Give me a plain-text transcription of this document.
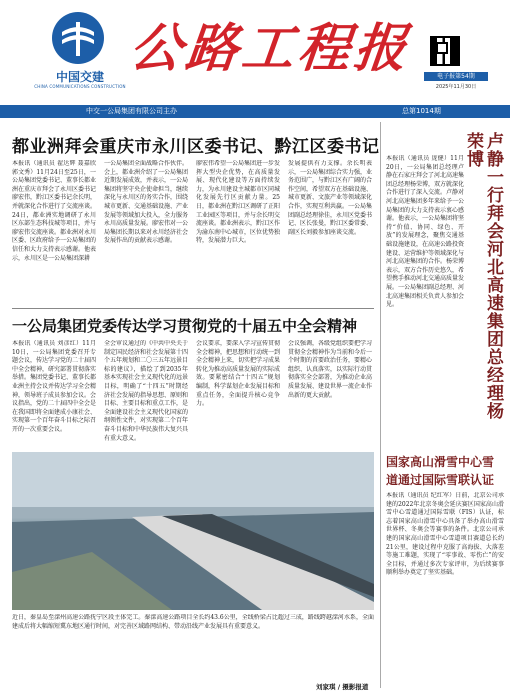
中国交建
CHINA COMMUNICATIONS CONSTRUCTION
公路工程报	电子报第54期
2025年11月30日
中交一公局集团有限公司主办	总第1014期
都业洲拜会重庆市永川区委书记、黔江区委书记
本报讯（通讯员 翟达辉 聂嘉欣 郭文秀）11月24日至25日，一公局集团党委书记、董事长都业洲在重庆市拜会了永川区委书记廖宏伟，黔江区委书记余长明，并就深化合作进行了交流座谈。24日，都业洲实地调研了永川区东部生态科技城等项目，并与廖宏伟交流座谈。都业洲对永川区委、区政府给予一公局集团的信任和大力支持表示感谢。他表示，永川区是一公局集团深耕
一公局集团全面战略合作伙伴。会上，都业洲介绍了一公局集团近期发展成效，并表示，一公局集团将坚守央企使命担当，继续深化与永川区的务实合作，围绕城市更新、交通基础设施、产业发展等领域加大投入，全力服务永川高质量发展。廖宏伟对一公局集团长期以来对永川经济社会发展作出的贡献表示感谢。
廖宏伟希望一公局集团进一步发挥大型央企优势，在高质量发展、现代化建设等方面持续发力，为永川建设主城都市区同城化发展先行区贡献力量。25日，都业洲在黔江区调研了正阳工业园区等项目，并与余长明交流座谈。都业洲表示，黔江区作为渝东南中心城市，区位优势独特，发展潜力巨大。
发展提供有力支撑。余长明表示，一公局集团综合实力强，业务范围广，与黔江区有广阔的合作空间，希望双方在基础设施、城市更新、文旅产业等领域深化合作，实现互利共赢。一公局集团副总经理徐佳，永川区党委书记、区长张曼，黔江区委常委、副区长刘毅参加座谈交流。
一公局集团党委传达学习贯彻党的十届五中全会精神
本报讯（通讯员 刘彦红）11月10日，一公局集团党委召开专题会议，传达学习党的二十届四中全会精神，研究部署贯彻落实举措。集团党委书记、董事长都业洲主持会议并传达学习全会精神，领导班子成员参加会议。会议指出，党的二十届四中全会是在我国即将全面建成小康社会、实现第一个百年奋斗目标之际召开的一次重要会议。
全会审议通过的《中共中央关于制定国民经济和社会发展第十四个五年规划和二〇三五年远景目标的建议》，描绘了到2035年基本实现社会主义现代化的远景目标，明确了“十四五”时期经济社会发展的指导思想、原则和目标、主要目标和重点工作，是全面建设社会主义现代化国家的纲领性文件，对实现第二个百年奋斗目标和中华民族伟大复兴具有重大意义。
会议要求，要深入学习宣传贯彻全会精神，把思想和行动统一到全会精神上来，切实把学习成果转化为推动高质量发展的实际成效。要紧密结合“十四五”规划编制，科学谋划企业发展目标和重点任务，全面提升核心竞争力。
会议强调，各级党组织要把学习贯彻全会精神作为当前和今后一个时期的首要政治任务，要精心组织、认真落实，以实际行动贯彻落实全会部署，为推动企业高质量发展、建设世界一流企业作出新的更大贡献。
近日，秦皇岛至滦州高速公路抚宁区段主体完工。秦滦高速公路项目全长约43.6公里，全线桥梁占比超过三成，路线跨越滦河水系，全面建成后将大幅缩短冀东地区通行时间，对完善区域路网结构、带动沿线产业发展具有重要意义。
刘家琪 / 摄影报道
本报讯（通讯员 庞健）11月20日，一公局集团总经理卢静在石家庄拜会了河北高速集团总经理杨荣博，双方就深化合作进行了深入交流。卢静对河北高速集团多年来给予一公局集团的大力支持表示衷心感谢。他表示，一公局集团将坚持“价值、协同、绿色、开放”的发展理念，聚焦交通基础设施建设，在高速公路投资建设、运营维护等领域深化与河北高速集团的合作。杨荣博表示，双方合作历史悠久，希望携手推动河北交通高质量发展。一公局集团副总经理、河北高速集团相关负责人参加会见。	卢静一行拜会河北高速集团总经理杨荣博
国家高山滑雪中心雪道通过国际雪联认证
本报讯（通讯员 纪红军）日前，北京公司承建的2022年北京冬奥会延庆赛区国家高山滑雪中心雪道通过国际雪联（FIS）认证，标志着国家高山滑雪中心具备了举办高山滑雪世界杯、冬奥会等赛事的条件。北京公司承建的国家高山滑雪中心雪道项目赛道总长约21公里，建设过程中克服了高海拔、大落差等施工难题，实现了“零事故、零伤亡”的安全目标，并通过多次专家评审，为后续赛事顺利举办奠定了坚实基础。
